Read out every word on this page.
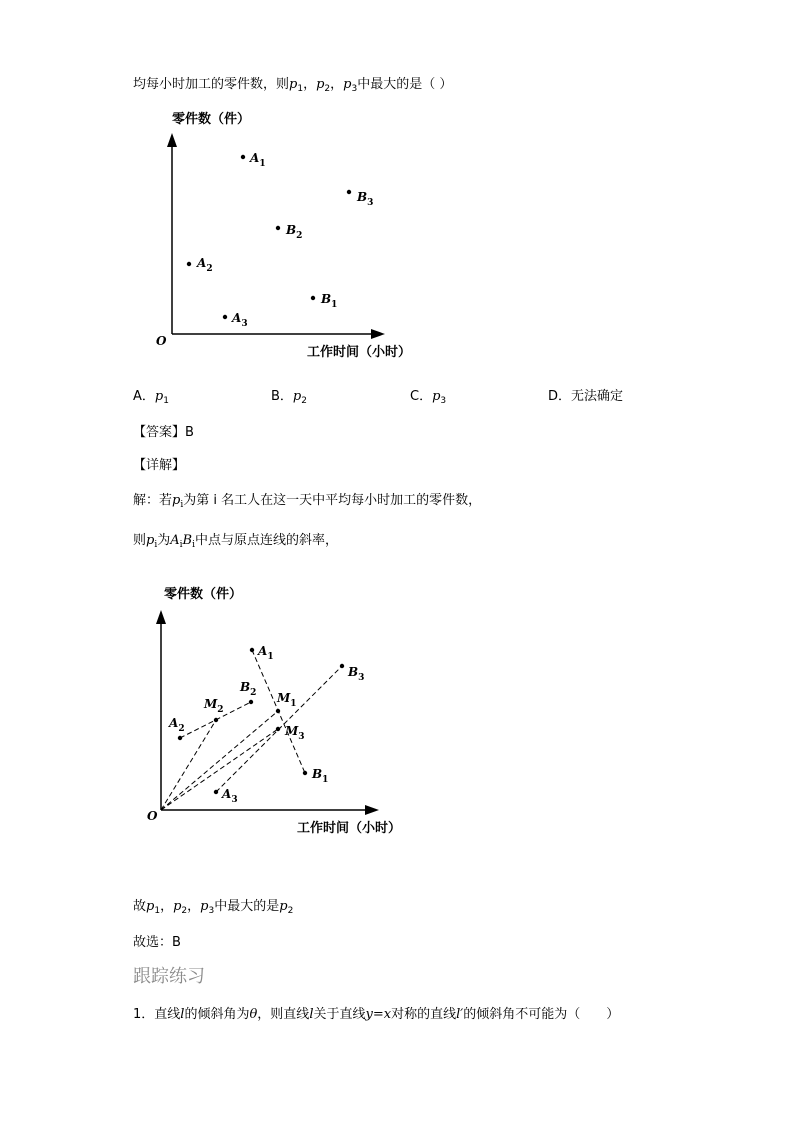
均每小时加工的零件数，则$p_1$，$p_2$，$p_3$中最大的是（ ）
零件数（件）
O
工作时间（小时）
$A_1$
$B_3$
$B_2$
$A_2$
$B_1$
$A_3$
A．$p_1$	B．$p_2$	C．$p_3$	D．无法确定
【答案】B
【详解】
解：若$p_i$为第 i 名工人在这一天中平均每小时加工的零件数，
则$p_i$为$A_iB_i$中点与原点连线的斜率，
零件数（件）
O
工作时间（小时）
$A_1$
$B_3$
$B_2$
$M_2$
$M_1$
$A_2$	$M_3$
$B_1$
$A_3$
故$p_1$，$p_2$，$p_3$中最大的是$p_2$
故选：B
跟踪练习
1．直线l的倾斜角为θ，则直线l关于直线y=x对称的直线l′的倾斜角不可能为（　　）
